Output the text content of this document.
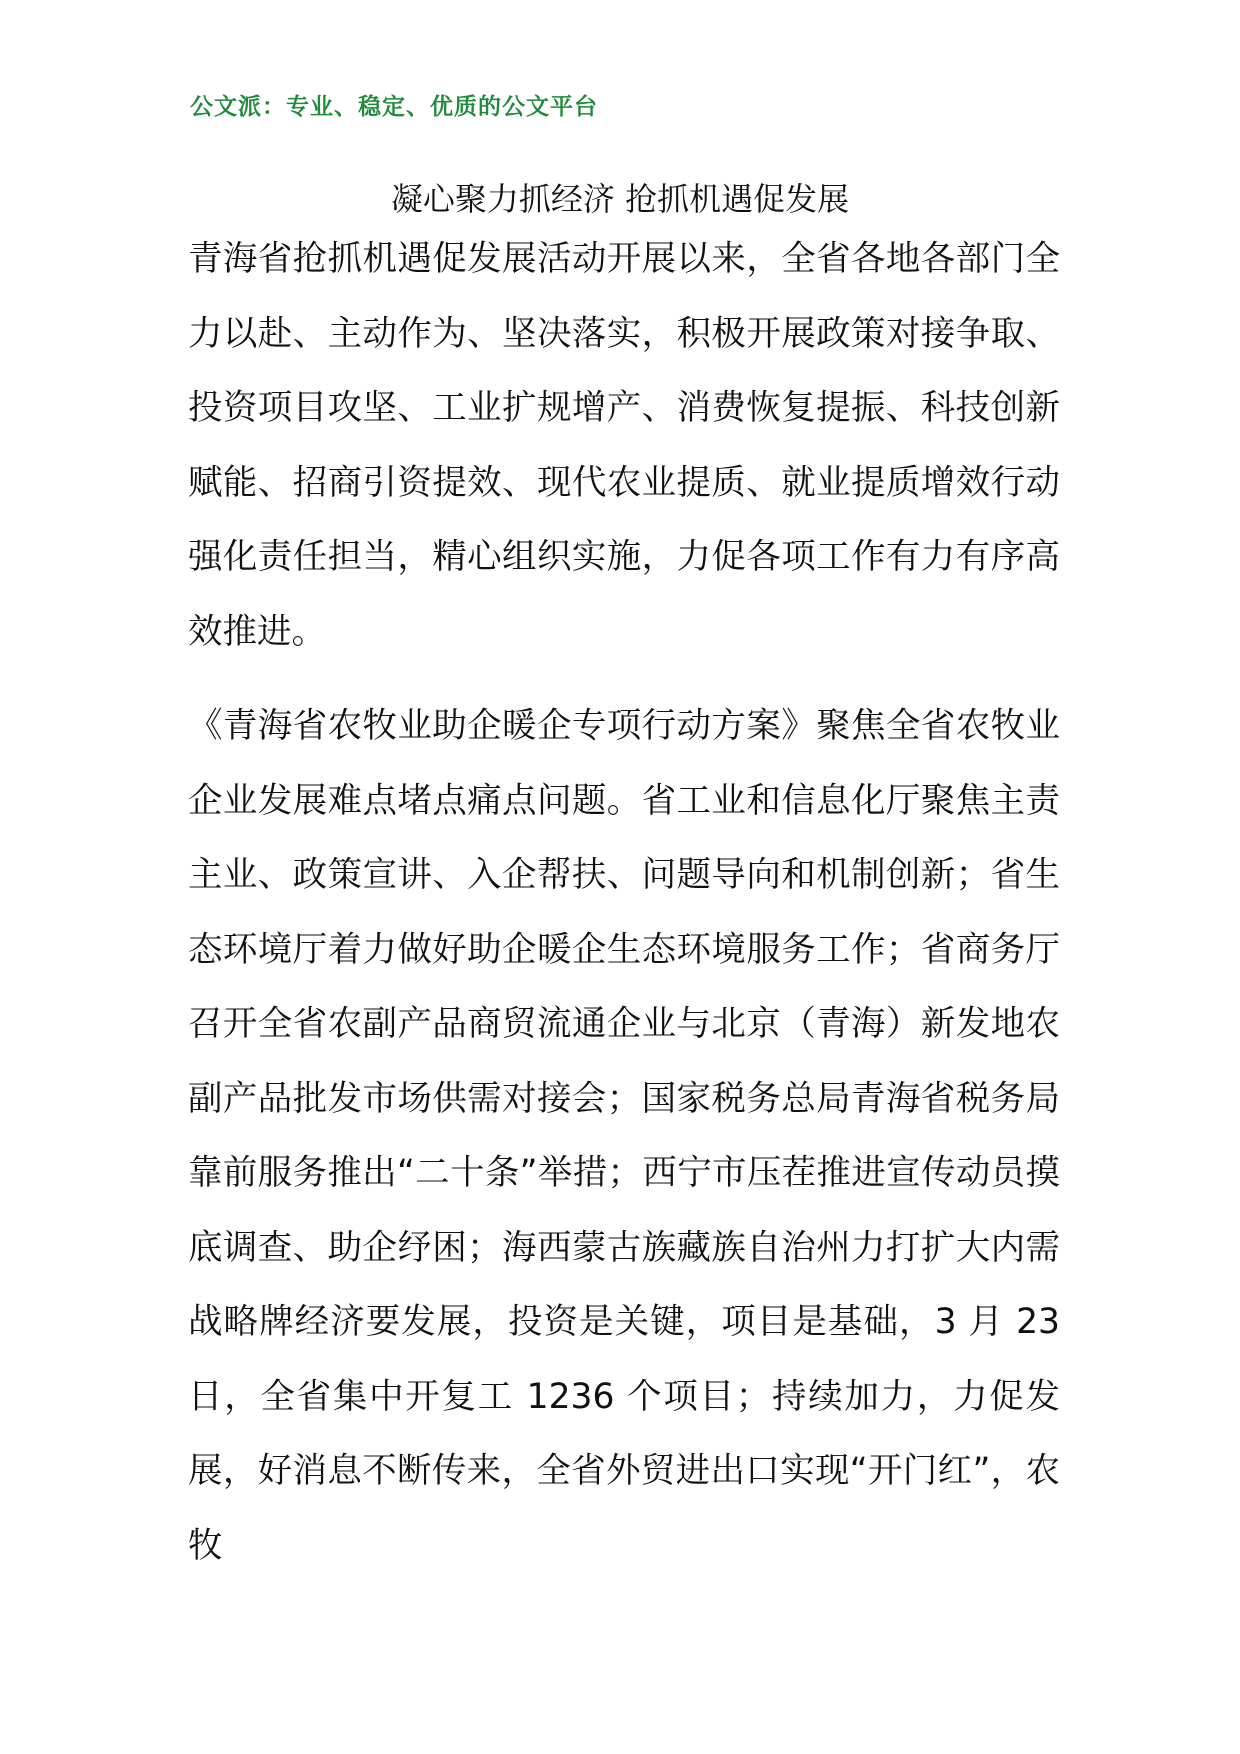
公文派：专业、稳定、优质的公文平台
凝心聚力抓经济 抢抓机遇促发展

青海省抢抓机遇促发展活动开展以来，全省各地各部门全力以赴、主动作为、坚决落实，积极开展政策对接争取、投资项目攻坚、工业扩规增产、消费恢复提振、科技创新赋能、招商引资提效、现代农业提质、就业提质增效行动强化责任担当，精心组织实施，力促各项工作有力有序高效推进。

《青海省农牧业助企暖企专项行动方案》聚焦全省农牧业企业发展难点堵点痛点问题。省工业和信息化厅聚焦主责主业、政策宣讲、入企帮扶、问题导向和机制创新；省生态环境厅着力做好助企暖企生态环境服务工作；省商务厅召开全省农副产品商贸流通企业与北京（青海）新发地农副产品批发市场供需对接会；国家税务总局青海省税务局靠前服务推出“二十条”举措；西宁市压茬推进宣传动员摸底调查、助企纾困；海西蒙古族藏族自治州力打扩大内需战略牌经济要发展，投资是关键，项目是基础，3 月 23 日，全省集中开复工 1236 个项目；持续加力，力促发展，好消息不断传来，全省外贸进出口实现“开门红”，农牧
